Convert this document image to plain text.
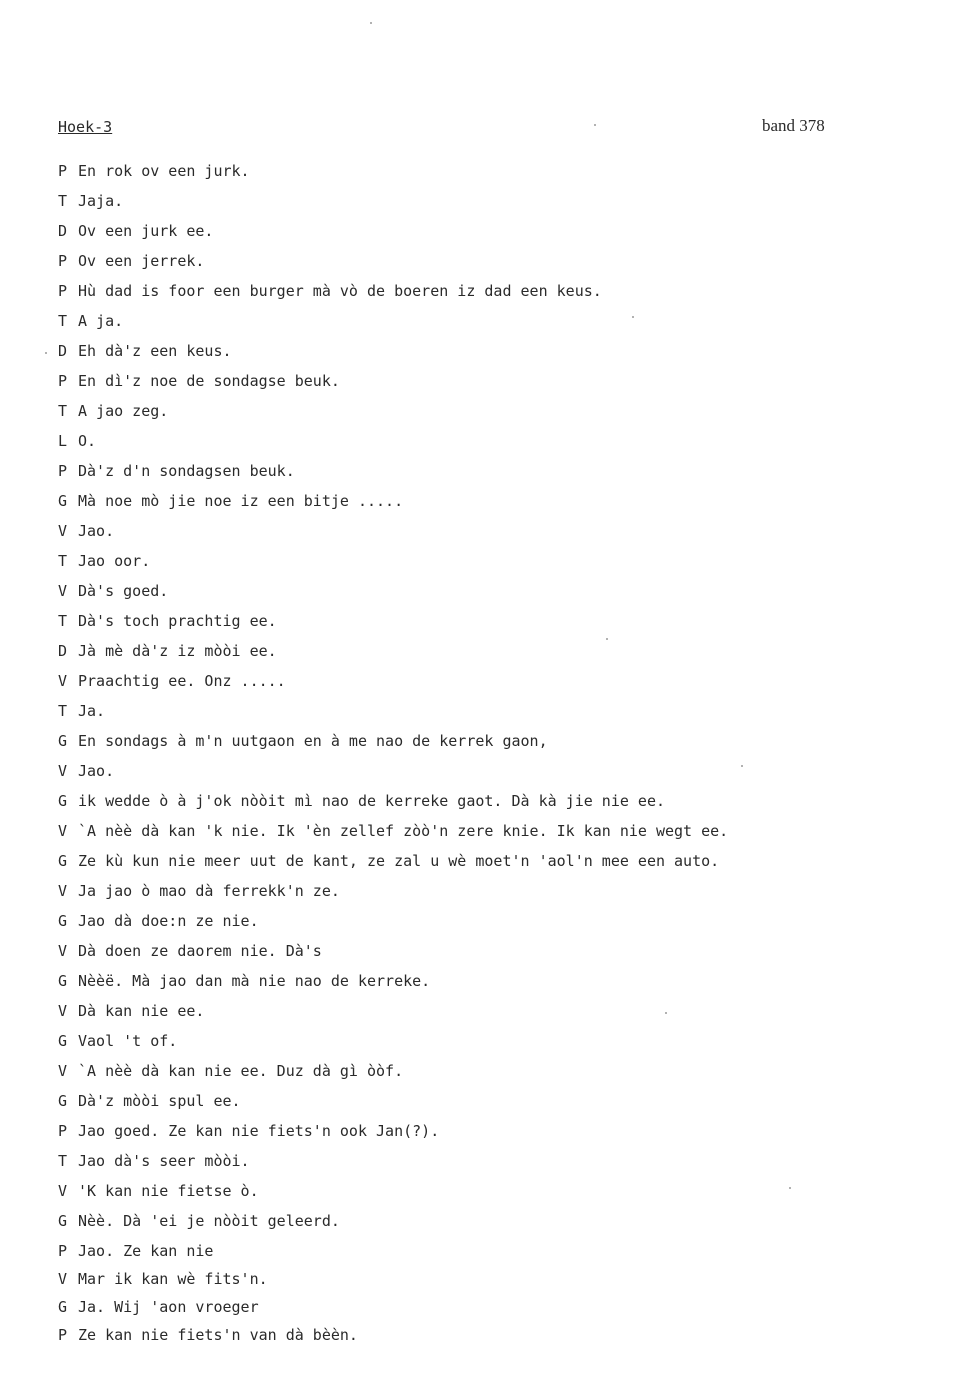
Hoek-3	band 378
P En rok ov een jurk.
T Jaja.
D Ov een jurk ee.
P Ov een jerrek.
P Hù dad is foor een burger mà vò de boeren iz dad een keus.
T A ja.
D Eh dà'z een keus.
P En dì'z noe de sondagse beuk.
T A jao zeg.
L O.
P Dà'z d'n sondagsen beuk.
G Mà noe mò jie noe iz een bitje .....
V Jao.
T Jao oor.
V Dà's goed.
T Dà's toch prachtig ee.
D Jà mè dà'z iz mòòi ee.
V Praachtig ee. Onz .....
T Ja.
G En sondags à m'n uutgaon en à me nao de kerrek gaon,
V Jao.
G ik wedde ò à j'ok nòòit mì nao de kerreke gaot. Dà kà jie nie ee.
V `A nèè dà kan 'k nie. Ik 'èn zellef zòò'n zere knie. Ik kan nie wegt ee.
G Ze kù kun nie meer uut de kant, ze zal u wè moet'n 'aol'n mee een auto.
V Ja jao ò mao dà ferrekk'n ze.
G Jao dà doe:n ze nie.
V Dà doen ze daorem nie. Dà's
G Nèèë. Mà jao dan mà nie nao de kerreke.
V Dà kan nie ee.
G Vaol 't of.
V `A nèè dà kan nie ee. Duz dà gì òòf.
G Dà'z mòòi spul ee.
P Jao goed. Ze kan nie fiets'n ook Jan(?).
T Jao dà's seer mòòi.
V 'K kan nie fietse ò.
G Nèè. Dà 'ei je nòòit geleerd.
P Jao. Ze kan nie
V Mar ik kan wè fits'n.
G Ja. Wij 'aon vroeger
P Ze kan nie fiets'n van dà bèèn.
